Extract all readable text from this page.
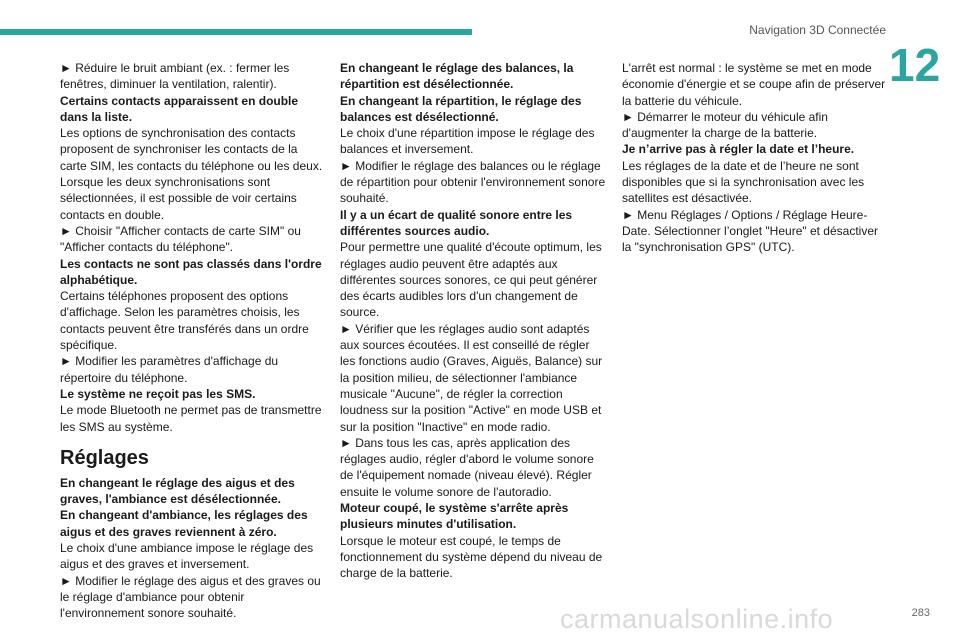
Navigation 3D Connectée
12

► Réduire le bruit ambiant (ex. : fermer les fenêtres, diminuer la ventilation, ralentir).

Certains contacts apparaissent en double dans la liste.

Les options de synchronisation des contacts proposent de synchroniser les contacts de la carte SIM, les contacts du téléphone ou les deux. Lorsque les deux synchronisations sont sélectionnées, il est possible de voir certains contacts en double.

► Choisir "Afficher contacts de carte SIM" ou "Afficher contacts du téléphone".

Les contacts ne sont pas classés dans l'ordre alphabétique.

Certains téléphones proposent des options d'affichage. Selon les paramètres choisis, les contacts peuvent être transférés dans un ordre spécifique.

► Modifier les paramètres d'affichage du répertoire du téléphone.

Le système ne reçoit pas les SMS.

Le mode Bluetooth ne permet pas de transmettre les SMS au système.

Réglages

En changeant le réglage des aigus et des graves, l'ambiance est désélectionnée.

En changeant d'ambiance, les réglages des aigus et des graves reviennent à zéro.

Le choix d'une ambiance impose le réglage des aigus et des graves et inversement.

► Modifier le réglage des aigus et des graves ou le réglage d'ambiance pour obtenir l'environnement sonore souhaité.

En changeant le réglage des balances, la répartition est désélectionnée.

En changeant la répartition, le réglage des balances est désélectionné.

Le choix d'une répartition impose le réglage des balances et inversement.

► Modifier le réglage des balances ou le réglage de répartition pour obtenir l'environnement sonore souhaité.

Il y a un écart de qualité sonore entre les différentes sources audio.

Pour permettre une qualité d'écoute optimum, les réglages audio peuvent être adaptés aux différentes sources sonores, ce qui peut générer des écarts audibles lors d'un changement de source.

► Vérifier que les réglages audio sont adaptés aux sources écoutées. Il est conseillé de régler les fonctions audio (Graves, Aiguës, Balance) sur la position milieu, de sélectionner l'ambiance musicale "Aucune", de régler la correction loudness sur la position "Active" en mode USB et sur la position "Inactive" en mode radio.

► Dans tous les cas, après application des réglages audio, régler d'abord le volume sonore de l'équipement nomade (niveau élevé). Régler ensuite le volume sonore de l'autoradio.

Moteur coupé, le système s'arrête après plusieurs minutes d'utilisation.

Lorsque le moteur est coupé, le temps de fonctionnement du système dépend du niveau de charge de la batterie.

L'arrêt est normal : le système se met en mode économie d'énergie et se coupe afin de préserver la batterie du véhicule.

► Démarrer le moteur du véhicule afin d'augmenter la charge de la batterie.

Je n’arrive pas à régler la date et l’heure.

Les réglages de la date et de l’heure ne sont disponibles que si la synchronisation avec les satellites est désactivée.

► Menu Réglages / Options / Réglage Heure-Date. Sélectionner l’onglet "Heure" et désactiver la "synchronisation GPS" (UTC).

carmanualsonline.info	283
